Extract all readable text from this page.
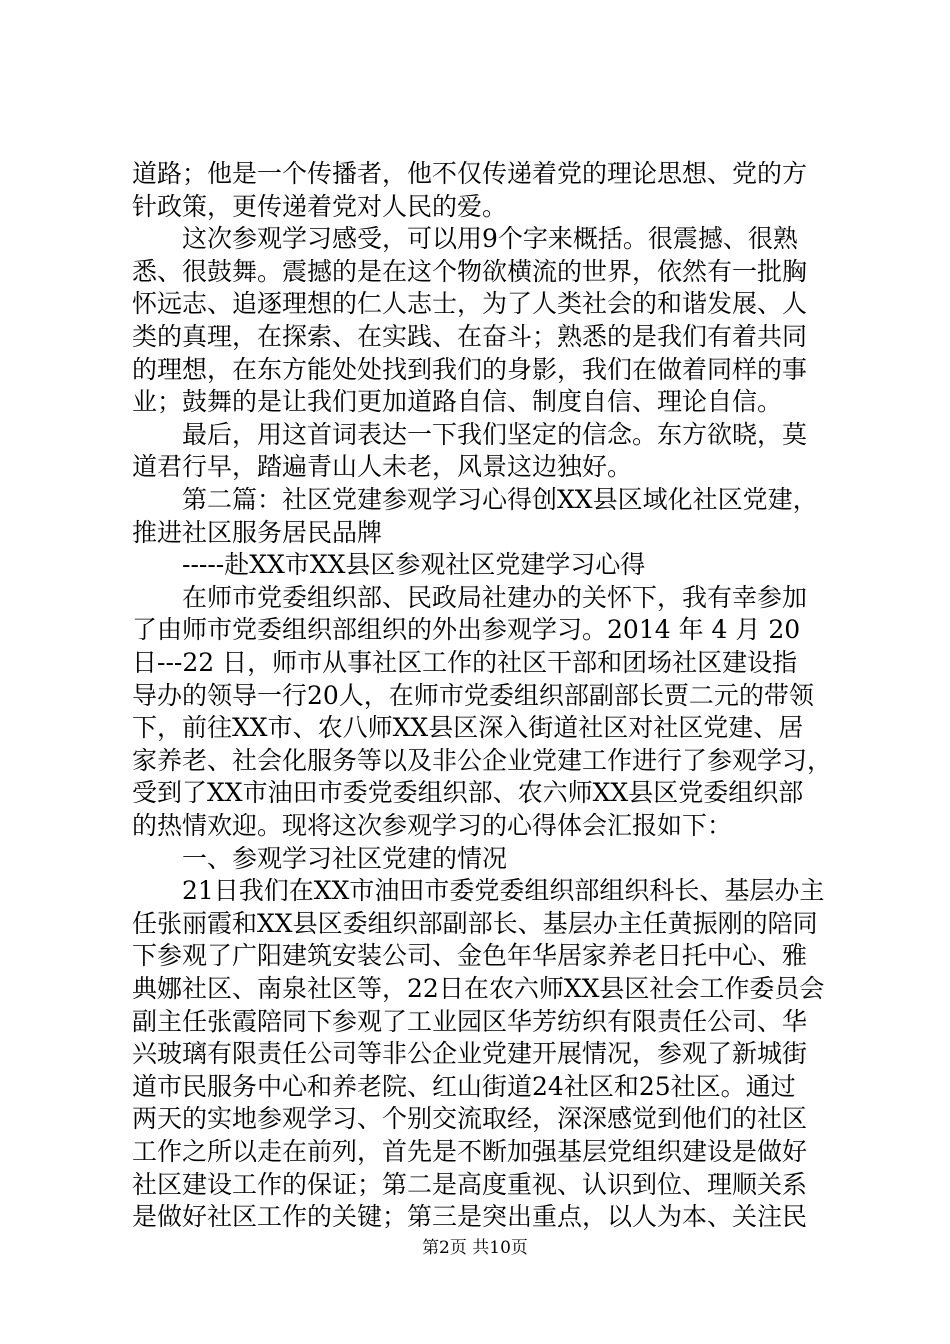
道路；他是一个传播者，他不仅传递着党的理论思想、党的方
针政策，更传递着党对人民的爱。
　　这次参观学习感受，可以用9个字来概括。很震撼、很熟
悉、很鼓舞。震撼的是在这个物欲横流的世界，依然有一批胸
怀远志、追逐理想的仁人志士，为了人类社会的和谐发展、人
类的真理，在探索、在实践、在奋斗；熟悉的是我们有着共同
的理想，在东方能处处找到我们的身影，我们在做着同样的事
业；鼓舞的是让我们更加道路自信、制度自信、理论自信。
　　最后，用这首词表达一下我们坚定的信念。东方欲晓，莫
道君行早，踏遍青山人未老，风景这边独好。
　　第二篇：社区党建参观学习心得创XX县区域化社区党建，
推进社区服务居民品牌
　　-----赴XX市XX县区参观社区党建学习心得
　　在师市党委组织部、民政局社建办的关怀下，我有幸参加
了由师市党委组织部组织的外出参观学习。2014 年 4 月 20
日---22 日，师市从事社区工作的社区干部和团场社区建设指
导办的领导一行20人，在师市党委组织部副部长贾二元的带领
下，前往XX市、农八师XX县区深入街道社区对社区党建、居
家养老、社会化服务等以及非公企业党建工作进行了参观学习，
受到了XX市油田市委党委组织部、农六师XX县区党委组织部
的热情欢迎。现将这次参观学习的心得体会汇报如下：
　　一、参观学习社区党建的情况
　　21日我们在XX市油田市委党委组织部组织科长、基层办主
任张丽霞和XX县区委组织部副部长、基层办主任黄振刚的陪同
下参观了广阳建筑安装公司、金色年华居家养老日托中心、雅
典娜社区、南泉社区等，22日在农六师XX县区社会工作委员会
副主任张霞陪同下参观了工业园区华芳纺织有限责任公司、华
兴玻璃有限责任公司等非公企业党建开展情况，参观了新城街
道市民服务中心和养老院、红山街道24社区和25社区。通过
两天的实地参观学习、个别交流取经，深深感觉到他们的社区
工作之所以走在前列，首先是不断加强基层党组织建设是做好
社区建设工作的保证；第二是高度重视、认识到位、理顺关系
是做好社区工作的关键；第三是突出重点，以人为本、关注民
第2页 共10页
